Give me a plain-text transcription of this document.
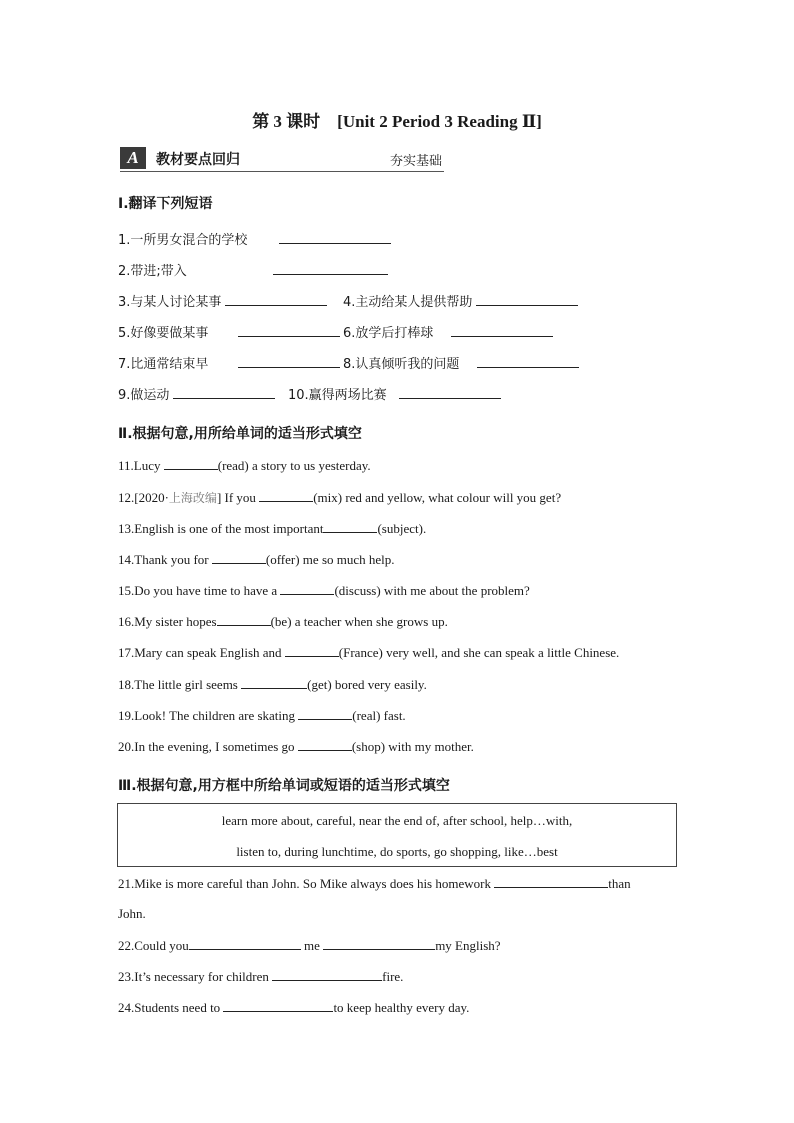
第 3 课时　[Unit 2 Period 3 Reading Ⅱ]
A	教材要点回归	夯实基础
Ⅰ.翻译下列短语
1.一所男女混合的学校
2.带进;带入
3.与某人讨论某事	4.主动给某人提供帮助
5.好像要做某事	6.放学后打棒球
7.比通常结束早	8.认真倾听我的问题
9.做运动	10.赢得两场比赛
Ⅱ.根据句意,用所给单词的适当形式填空
11.Lucy	(read) a story to us yesterday.
12.[2020·上海改编] If you	(mix) red and yellow, what colour will you get?
13.English is one of the most important	(subject).
14.Thank you for	(offer) me so much help.
15.Do you have time to have a	(discuss) with me about the problem?
16.My sister hopes	(be) a teacher when she grows up.
17.Mary can speak English and	(France) very well, and she can speak a little Chinese.
18.The little girl seems	(get) bored very easily.
19.Look! The children are skating	(real) fast.
20.In the evening, I sometimes go	(shop) with my mother.
Ⅲ.根据句意,用方框中所给单词或短语的适当形式填空
learn more about, careful, near the end of, after school, help…with,
listen to, during lunchtime, do sports, go shopping, like…best
21.Mike is more careful than John. So Mike always does his homework	than
John.
22.Could you	me	my English?
23.It’s necessary for children	fire.
24.Students need to	to keep healthy every day.
